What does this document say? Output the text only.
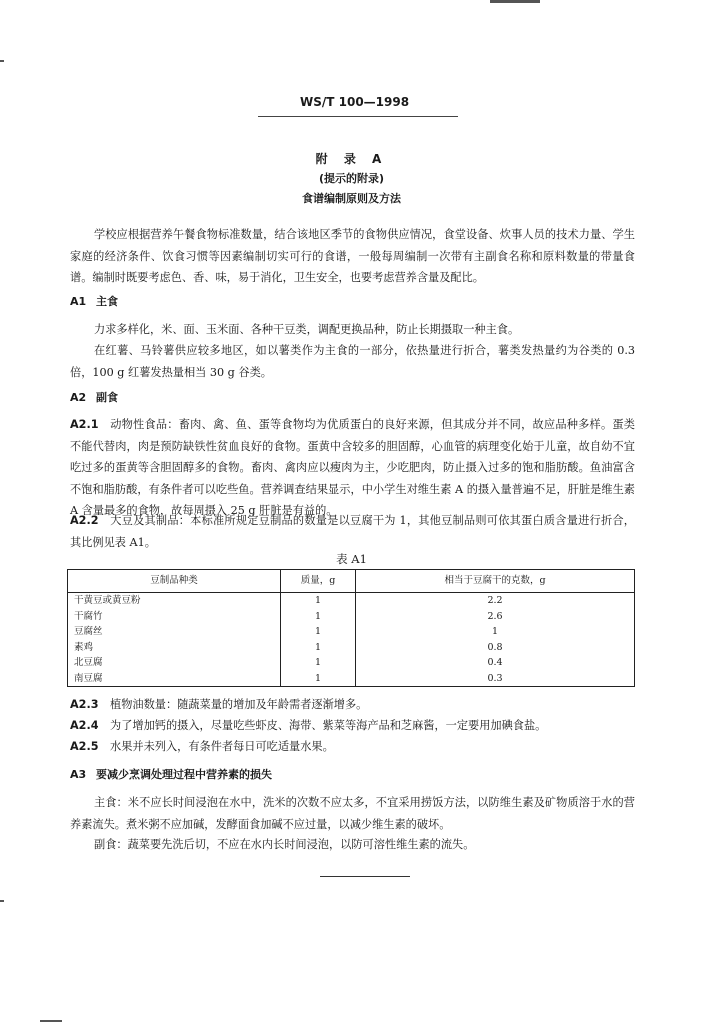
WS/T 100—1998
附 录 A
(提示的附录)
食谱编制原则及方法
学校应根据营养午餐食物标准数量，结合该地区季节的食物供应情况，食堂设备、炊事人员的技术力量、学生家庭的经济条件、饮食习惯等因素编制切实可行的食谱，一般每周编制一次带有主副食名称和原料数量的带量食谱。编制时既要考虑色、香、味，易于消化，卫生安全，也要考虑营养含量及配比。
A1 主食
力求多样化，米、面、玉米面、各种干豆类，调配更换品种，防止长期摄取一种主食。
在红薯、马铃薯供应较多地区，如以薯类作为主食的一部分，依热量进行折合，薯类发热量约为谷类的 0.3 倍，100 g 红薯发热量相当 30 g 谷类。
A2 副食
A2.1 动物性食品：畜肉、禽、鱼、蛋等食物均为优质蛋白的良好来源，但其成分并不同，故应品种多样。蛋类不能代替肉，肉是预防缺铁性贫血良好的食物。蛋黄中含较多的胆固醇，心血管的病理变化始于儿童，故自幼不宜吃过多的蛋黄等含胆固醇多的食物。畜肉、禽肉应以瘦肉为主，少吃肥肉，防止摄入过多的饱和脂肪酸。鱼油富含不饱和脂肪酸，有条件者可以吃些鱼。营养调查结果显示，中小学生对维生素 A 的摄入量普遍不足，肝脏是维生素 A 含量最多的食物，故每周摄入 25 g 肝脏是有益的。
A2.2 大豆及其制品：本标准所规定豆制品的数量是以豆腐干为 1，其他豆制品则可依其蛋白质含量进行折合，其比例见表 A1。
表 A1
豆制品种类	质量，g	相当于豆腐干的克数，g
干黄豆或黄豆粉	1	2.2
干腐竹	1	2.6
豆腐丝	1	1
素鸡	1	0.8
北豆腐	1	0.4
南豆腐	1	0.3
A2.3 植物油数量：随蔬菜量的增加及年龄需者逐渐增多。
A2.4 为了增加钙的摄入，尽量吃些虾皮、海带、紫菜等海产品和芝麻酱，一定要用加碘食盐。
A2.5 水果并未列入，有条件者每日可吃适量水果。
A3 要减少烹调处理过程中营养素的损失
主食：米不应长时间浸泡在水中，洗米的次数不应太多，不宜采用捞饭方法，以防维生素及矿物质溶于水的营养素流失。煮米粥不应加碱，发酵面食加碱不应过量，以减少维生素的破坏。
副食：蔬菜要先洗后切，不应在水内长时间浸泡，以防可溶性维生素的流失。
